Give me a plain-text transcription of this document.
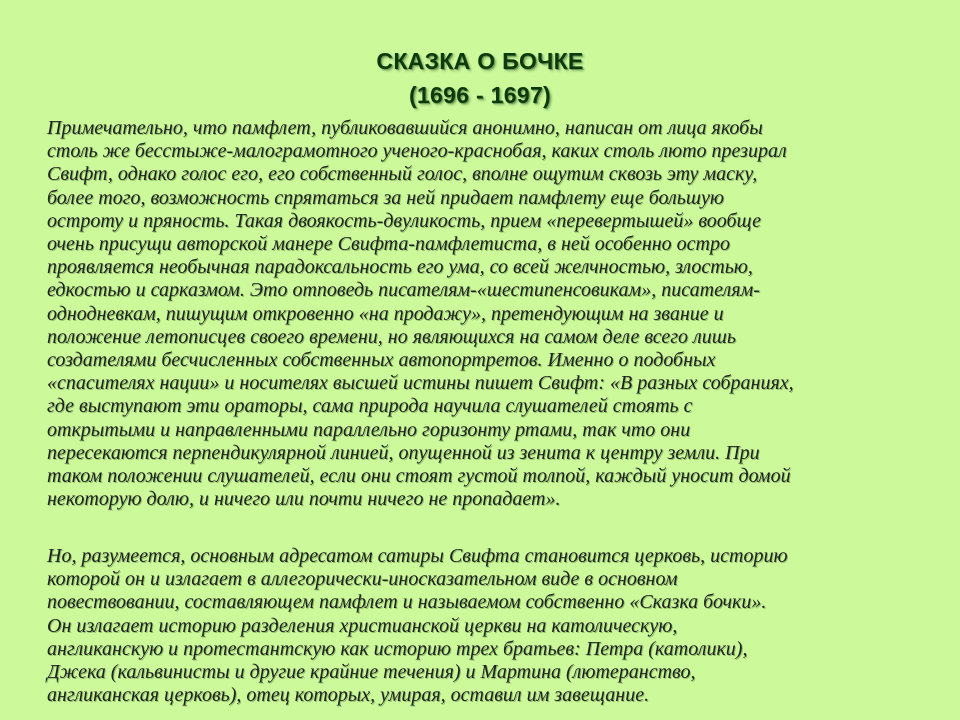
СКАЗКА О БОЧКЕ
(1696 - 1697)

Примечательно, что памфлет, публиковавшийся анонимно, написан от лица якобы
столь же бесстыже-малограмотного ученого-краснобая, каких столь люто презирал
Свифт, однако голос его, его собственный голос, вполне ощутим сквозь эту маску,
более того, возможность спрятаться за ней придает памфлету еще большую
остроту и пряность. Такая двоякость-двуликость, прием «перевертышей» вообще
очень присущи авторской манере Свифта-памфлетиста, в ней особенно остро
проявляется необычная парадоксальность его ума, со всей желчностью, злостью,
едкостью и сарказмом. Это отповедь писателям-«шестипенсовикам», писателям-
однодневкам, пишущим откровенно «на продажу», претендующим на звание и
положение летописцев своего времени, но являющихся на самом деле всего лишь
создателями бесчисленных собственных автопортретов. Именно о подобных
«спасителях нации» и носителях высшей истины пишет Свифт: «В разных собраниях,
где выступают эти ораторы, сама природа научила слушателей стоять с
открытыми и направленными параллельно горизонту ртами, так что они
пересекаются перпендикулярной линией, опущенной из зенита к центру земли. При
таком положении слушателей, если они стоят густой толпой, каждый уносит домой
некоторую долю, и ничего или почти ничего не пропадает».

Но, разумеется, основным адресатом сатиры Свифта становится церковь, историю
которой он и излагает в аллегорически-иносказательном виде в основном
повествовании, составляющем памфлет и называемом собственно «Сказка бочки».
Он излагает историю разделения христианской церкви на католическую,
англиканскую и протестантскую как историю трех братьев: Петра (католики),
Джека (кальвинисты и другие крайние течения) и Мартина (лютеранство,
англиканская церковь), отец которых, умирая, оставил им завещание.
